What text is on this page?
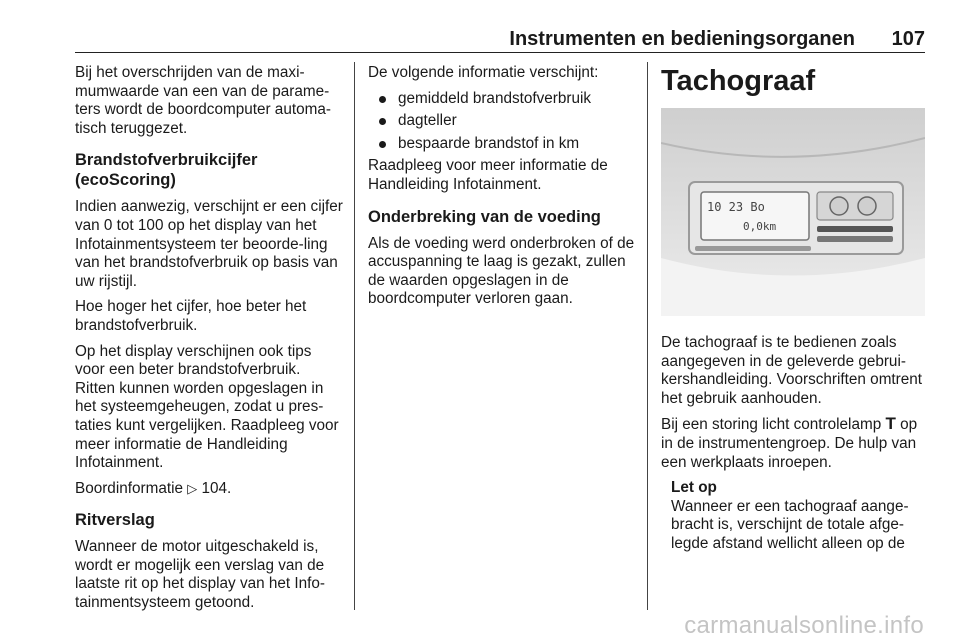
Instrumenten en bedieningsorganen 107

Bij het overschrijden van de maxi-mumwaarde van een van de parame-ters wordt de boordcomputer automa-tisch teruggezet.

Brandstofverbruikcijfer (ecoScoring)

Indien aanwezig, verschijnt er een cijfer van 0 tot 100 op het display van het Infotainmentsysteem ter beoorde-ling van het brandstofverbruik op basis van uw rijstijl.

Hoe hoger het cijfer, hoe beter het brandstofverbruik.

Op het display verschijnen ook tips voor een beter brandstofverbruik. Ritten kunnen worden opgeslagen in het systeemgeheugen, zodat u pres-taties kunt vergelijken. Raadpleeg voor meer informatie de Handleiding Infotainment.

Boordinformatie ▷ 104.

Ritverslag

Wanneer de motor uitgeschakeld is, wordt er mogelijk een verslag van de laatste rit op het display van het Info-tainmentsysteem getoond.

De volgende informatie verschijnt:

gemiddeld brandstofverbruik
dagteller
bespaarde brandstof in km

Raadpleeg voor meer informatie de Handleiding Infotainment.

Onderbreking van de voeding

Als de voeding werd onderbroken of de accuspanning te laag is gezakt, zullen de waarden opgeslagen in de boordcomputer verloren gaan.

Tachograaf
10 23 Bo
0,0km

De tachograaf is te bedienen zoals aangegeven in de geleverde gebrui-kershandleiding. Voorschriften omtrent het gebruik aanhouden.

Bij een storing licht controlelamp T op in de instrumentengroep. De hulp van een werkplaats inroepen.

Let op

Wanneer er een tachograaf aange-bracht is, verschijnt de totale afge-legde afstand wellicht alleen op de

carmanualsonline.info
